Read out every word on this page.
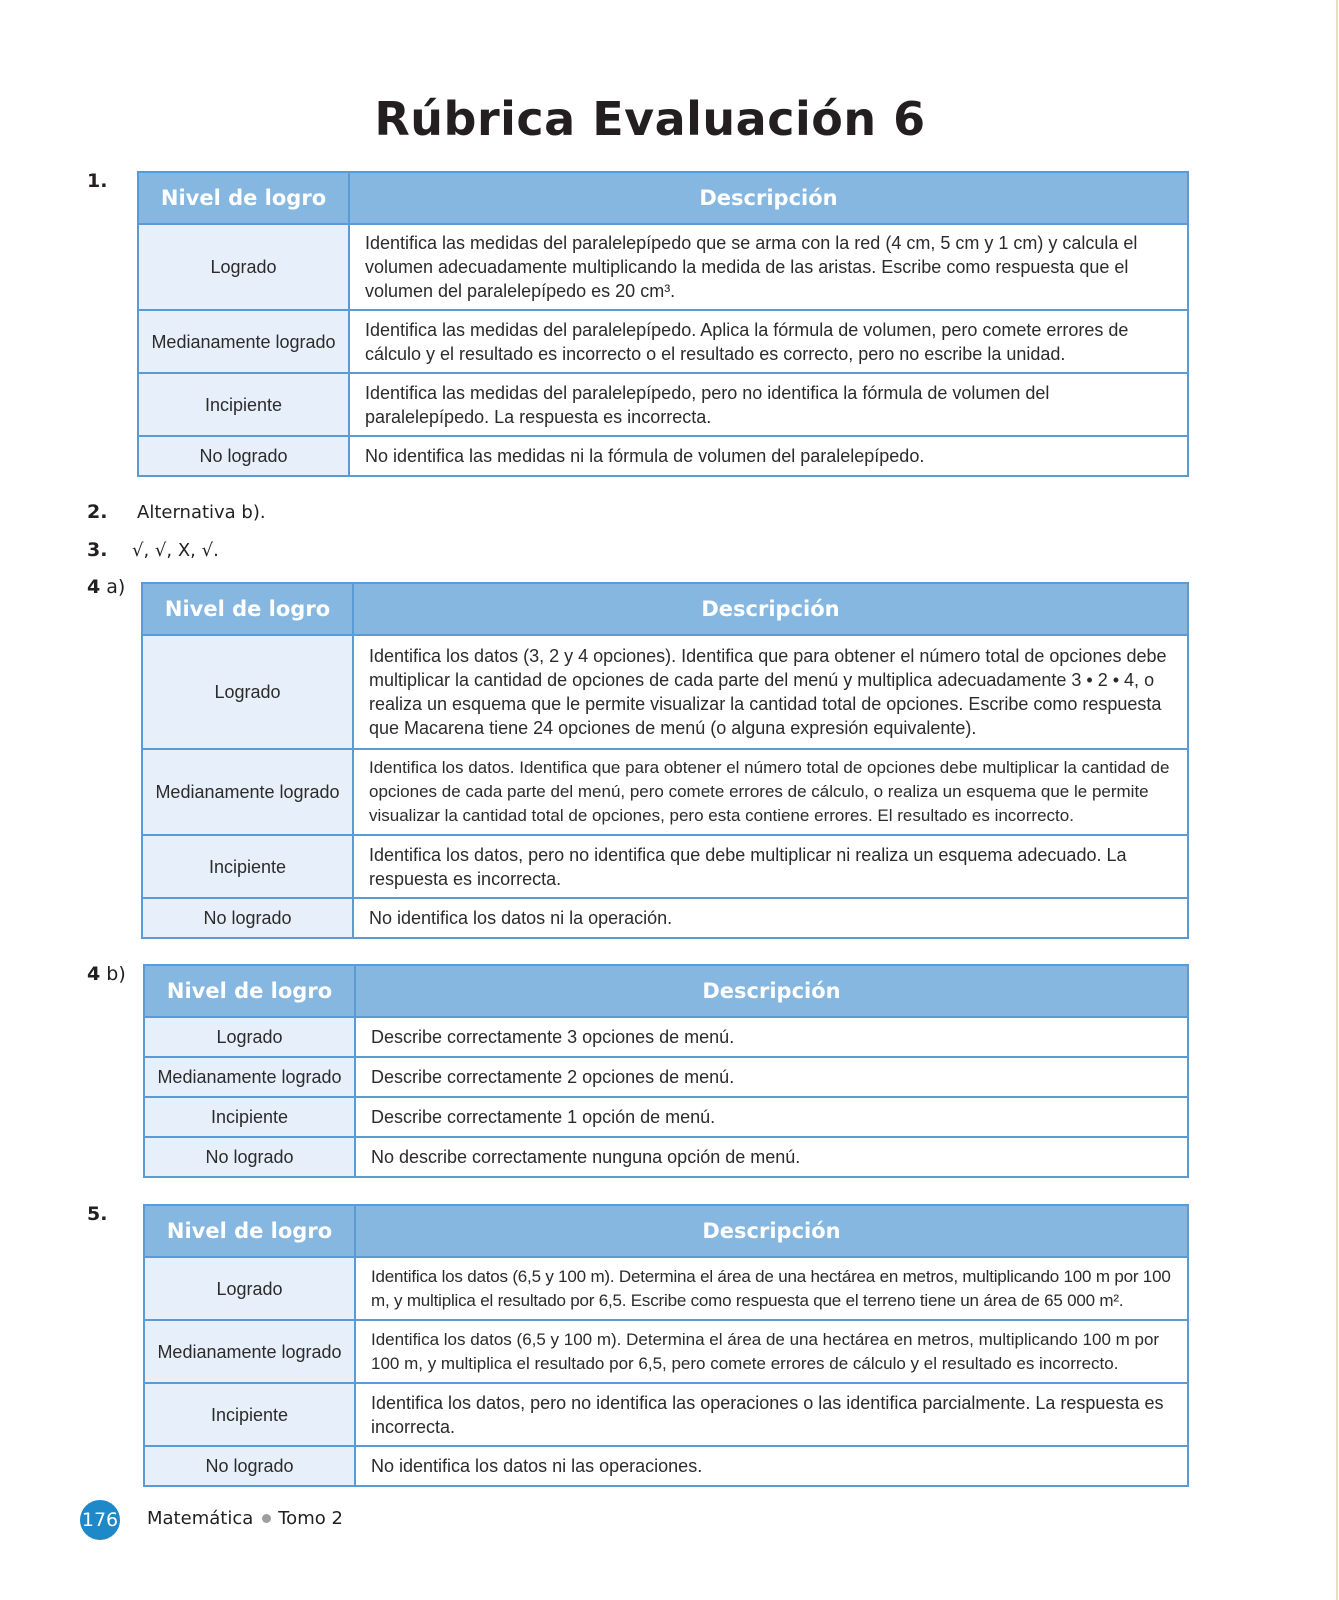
Rúbrica Evaluación 6
1.
Nivel de logro	Descripción
Logrado	Identifica las medidas del paralelepípedo que se arma con la red (4 cm, 5 cm y 1 cm) y calcula el volumen adecuadamente multiplicando la medida de las aristas. Escribe como respuesta que el volumen del paralelepípedo es 20 cm³.
Medianamente logrado	Identifica las medidas del paralelepípedo. Aplica la fórmula de volumen, pero comete errores de cálculo y el resultado es incorrecto o el resultado es correcto, pero no escribe la unidad.
Incipiente	Identifica las medidas del paralelepípedo, pero no identifica la fórmula de volumen del paralelepípedo. La respuesta es incorrecta.
No logrado	No identifica las medidas ni la fórmula de volumen del paralelepípedo.
2. Alternativa b).
3. √, √, X, √.
4 a)
Nivel de logro	Descripción
Logrado	Identifica los datos (3, 2 y 4 opciones). Identifica que para obtener el número total de opciones debe multiplicar la cantidad de opciones de cada parte del menú y multiplica adecuadamente 3 • 2 • 4, o realiza un esquema que le permite visualizar la cantidad total de opciones. Escribe como respuesta que Macarena tiene 24 opciones de menú (o alguna expresión equivalente).
Medianamente logrado	Identifica los datos. Identifica que para obtener el número total de opciones debe multiplicar la cantidad de opciones de cada parte del menú, pero comete errores de cálculo, o realiza un esquema que le permite visualizar la cantidad total de opciones, pero esta contiene errores. El resultado es incorrecto.
Incipiente	Identifica los datos, pero no identifica que debe multiplicar ni realiza un esquema adecuado. La respuesta es incorrecta.
No logrado	No identifica los datos ni la operación.
4 b)
Nivel de logro	Descripción
Logrado	Describe correctamente 3 opciones de menú.
Medianamente logrado	Describe correctamente 2 opciones de menú.
Incipiente	Describe correctamente 1 opción de menú.
No logrado	No describe correctamente nunguna opción de menú.
5.
Nivel de logro	Descripción
Logrado	Identifica los datos (6,5 y 100 m). Determina el área de una hectárea en metros, multiplicando 100 m por 100 m, y multiplica el resultado por 6,5. Escribe como respuesta que el terreno tiene un área de 65 000 m².
Medianamente logrado	Identifica los datos (6,5 y 100 m). Determina el área de una hectárea en metros, multiplicando 100 m por 100 m, y multiplica el resultado por 6,5, pero comete errores de cálculo y el resultado es incorrecto.
Incipiente	Identifica los datos, pero no identifica las operaciones o las identifica parcialmente. La respuesta es incorrecta.
No logrado	No identifica los datos ni las operaciones.
176 Matemática Tomo 2
